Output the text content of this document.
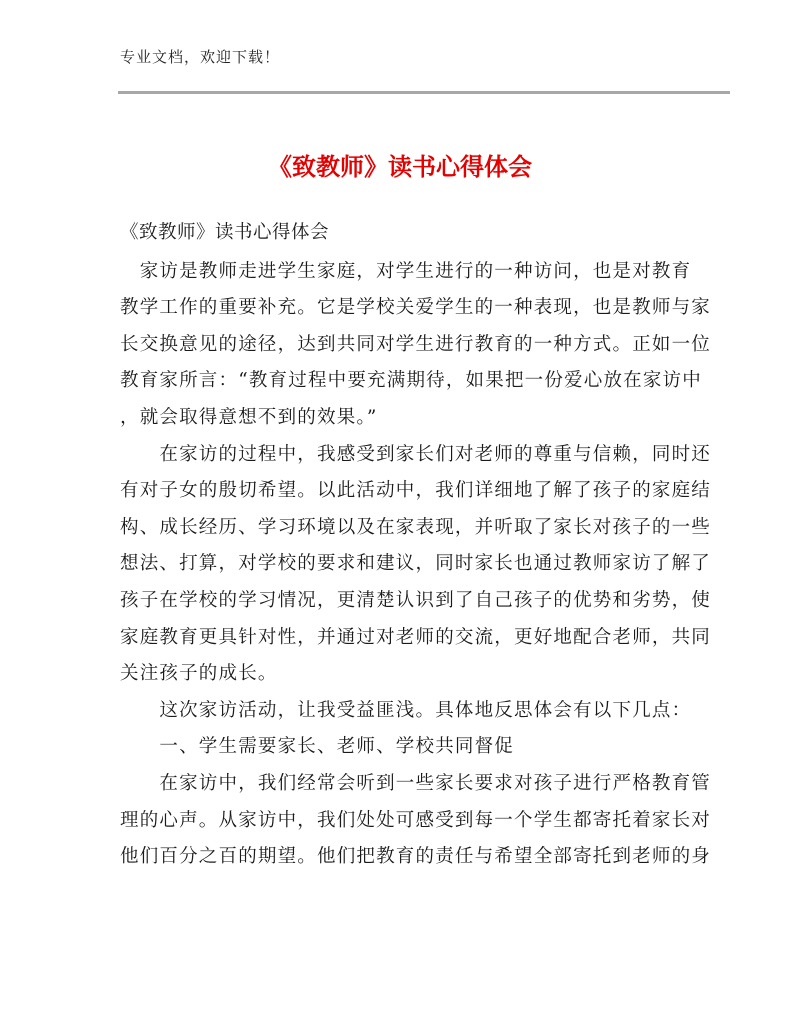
专业文档，欢迎下载！
《致教师》读书心得体会
《致教师》读书心得体会
　家访是教师走进学生家庭，对学生进行的一种访问，也是对教育
教学工作的重要补充。它是学校关爱学生的一种表现，也是教师与家
长交换意见的途径，达到共同对学生进行教育的一种方式。正如一位
教育家所言：“教育过程中要充满期待，如果把一份爱心放在家访中
，就会取得意想不到的效果。”
　　在家访的过程中，我感受到家长们对老师的尊重与信赖，同时还
有对子女的殷切希望。以此活动中，我们详细地了解了孩子的家庭结
构、成长经历、学习环境以及在家表现，并听取了家长对孩子的一些
想法、打算，对学校的要求和建议，同时家长也通过教师家访了解了
孩子在学校的学习情况，更清楚认识到了自己孩子的优势和劣势，使
家庭教育更具针对性，并通过对老师的交流，更好地配合老师，共同
关注孩子的成长。
　　这次家访活动，让我受益匪浅。具体地反思体会有以下几点：
　　一、学生需要家长、老师、学校共同督促
　　在家访中，我们经常会听到一些家长要求对孩子进行严格教育管
理的心声。从家访中，我们处处可感受到每一个学生都寄托着家长对
他们百分之百的期望。他们把教育的责任与希望全部寄托到老师的身
